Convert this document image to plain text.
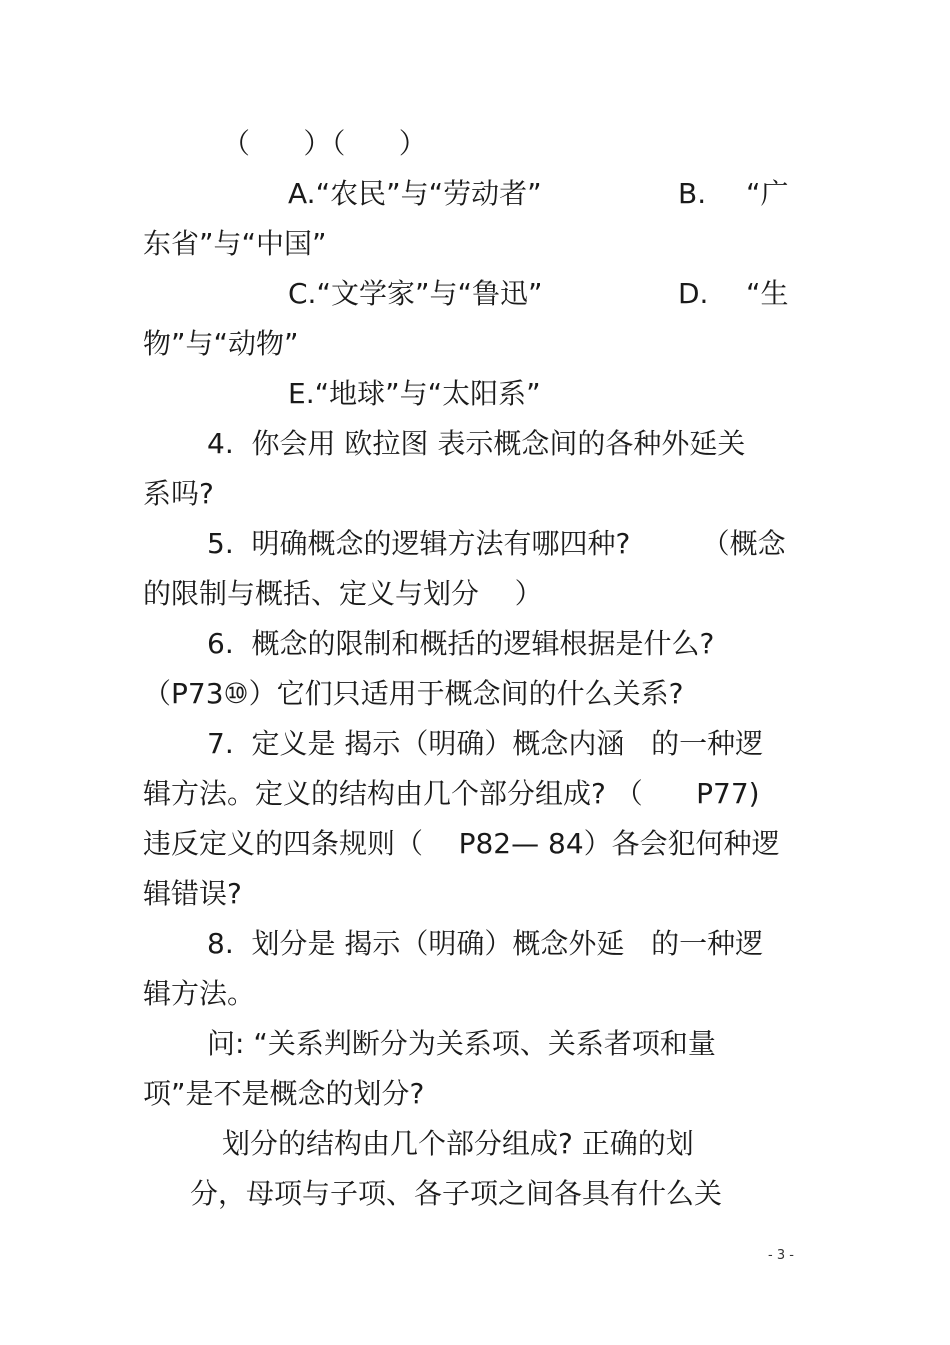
（      ）（      ）
A.“农民”与“劳动者”	B. “广
东省”与“中国”
C.“文学家”与“鲁迅”	D. “生
物”与“动物”
E.“地球”与“太阳系”
4.  你会用 欧拉图 表示概念间的各种外延关
系吗?
5.  明确概念的逻辑方法有哪四种?        （概念
的限制与概括、定义与划分    ）
6.  概念的限制和概括的逻辑根据是什么?
（P73⑩）它们只适用于概念间的什么关系?
7.  定义是 揭示（明确）概念内涵   的一种逻
辑方法。定义的结构由几个部分组成? （      P77)
违反定义的四条规则（    P82— 84）各会犯何种逻
辑错误?
8.  划分是 揭示（明确）概念外延   的一种逻
辑方法。
问: “关系判断分为关系项、关系者项和量
项”是不是概念的划分?
划分的结构由几个部分组成? 正确的划
分，母项与子项、各子项之间各具有什么关
- 3 -
